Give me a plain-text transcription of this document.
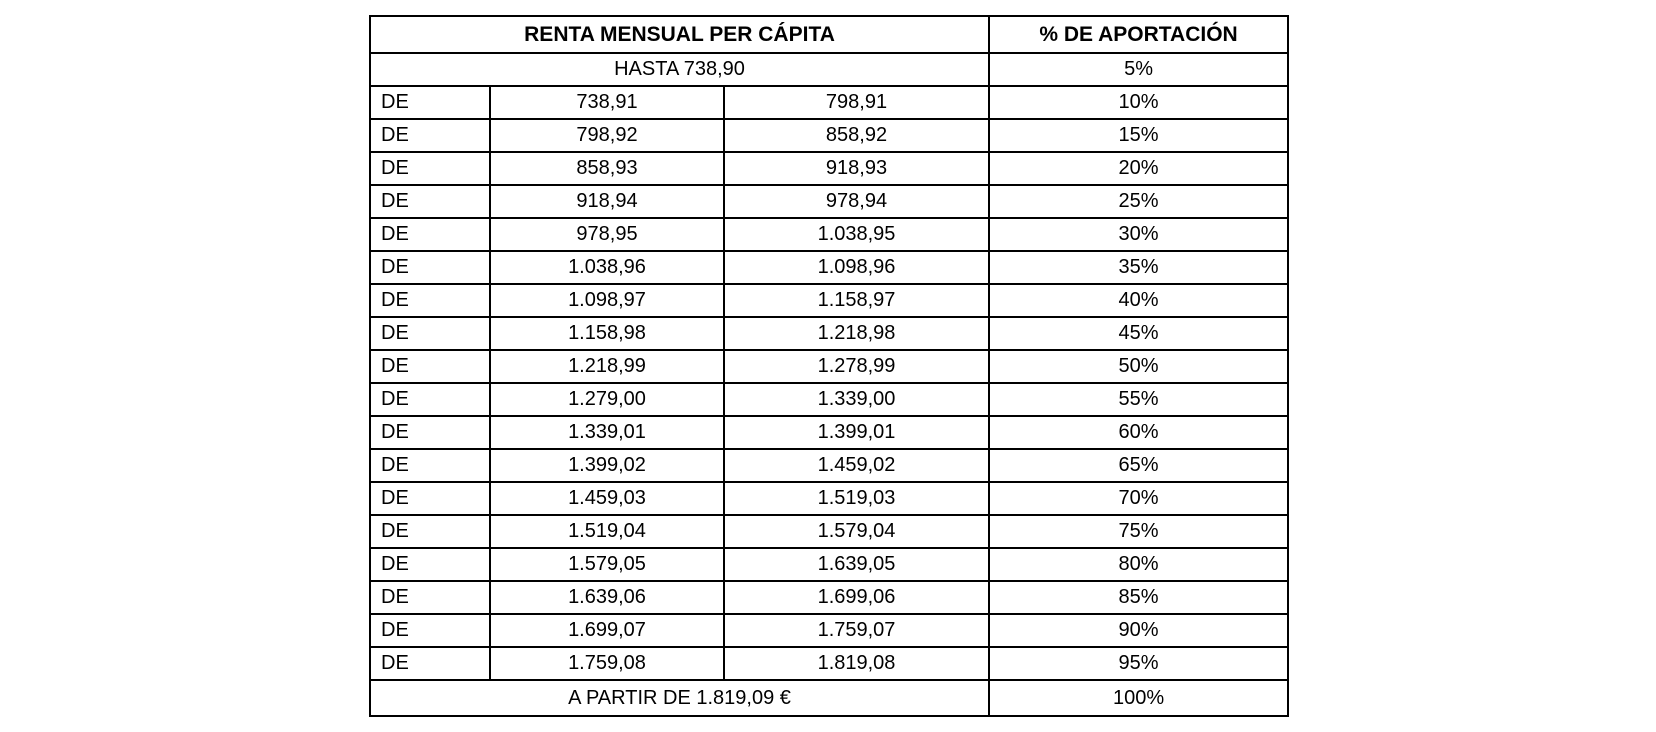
RENTA MENSUAL PER CÁPITA			% DE APORTACIÓN
HASTA 738,90			5%
DE	738,91	798,91	10%
DE	798,92	858,92	15%
DE	858,93	918,93	20%
DE	918,94	978,94	25%
DE	978,95	1.038,95	30%
DE	1.038,96	1.098,96	35%
DE	1.098,97	1.158,97	40%
DE	1.158,98	1.218,98	45%
DE	1.218,99	1.278,99	50%
DE	1.279,00	1.339,00	55%
DE	1.339,01	1.399,01	60%
DE	1.399,02	1.459,02	65%
DE	1.459,03	1.519,03	70%
DE	1.519,04	1.579,04	75%
DE	1.579,05	1.639,05	80%
DE	1.639,06	1.699,06	85%
DE	1.699,07	1.759,07	90%
DE	1.759,08	1.819,08	95%
A PARTIR DE 1.819,09 €			100%
